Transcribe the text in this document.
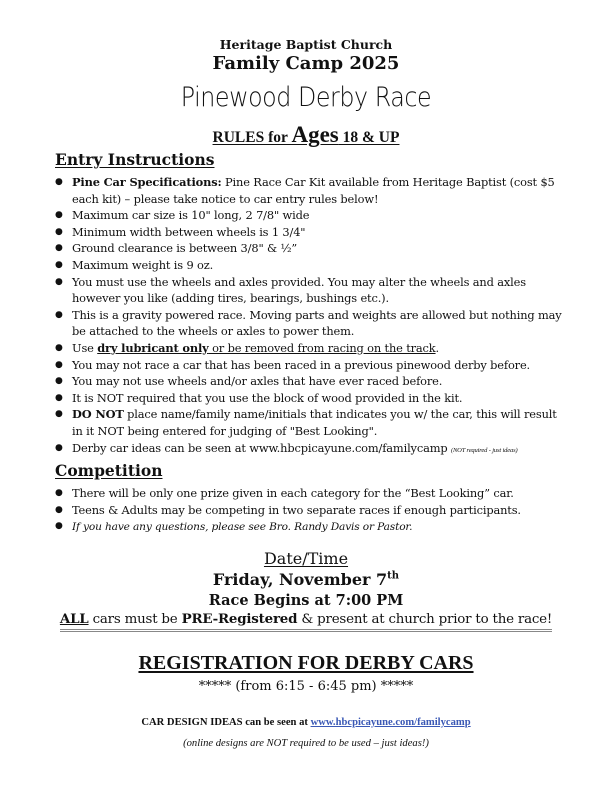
Heritage Baptist Church
Family Camp 2025
Pinewood Derby Race
RULES for Ages 18 & UP
Entry Instructions
● Pine Car Specifications: Pine Race Car Kit available from Heritage Baptist (cost $5 each kit) – please take notice to car entry rules below!
● Maximum car size is 10" long, 2 7/8" wide
● Minimum width between wheels is 1 3/4"
● Ground clearance is between 3/8" & ½”
● Maximum weight is 9 oz.
● You must use the wheels and axles provided. You may alter the wheels and axles however you like (adding tires, bearings, bushings etc.).
● This is a gravity powered race. Moving parts and weights are allowed but nothing may be attached to the wheels or axles to power them.
● Use dry lubricant only or be removed from racing on the track.
● You may not race a car that has been raced in a previous pinewood derby before.
● You may not use wheels and/or axles that have ever raced before.
● It is NOT required that you use the block of wood provided in the kit.
● DO NOT place name/family name/initials that indicates you w/ the car, this will result in it NOT being entered for judging of "Best Looking".
● Derby car ideas can be seen at www.hbcpicayune.com/familycamp (NOT required - just ideas)
Competition
● There will be only one prize given in each category for the “Best Looking” car.
● Teens & Adults may be competing in two separate races if enough participants.
● If you have any questions, please see Bro. Randy Davis or Pastor.
Date/Time
Friday, November 7th
Race Begins at 7:00 PM
ALL cars must be PRE-Registered & present at church prior to the race!
REGISTRATION FOR DERBY CARS
***** (from 6:15 - 6:45 pm) *****
CAR DESIGN IDEAS can be seen at www.hbcpicayune.com/familycamp
(online designs are NOT required to be used – just ideas!)
